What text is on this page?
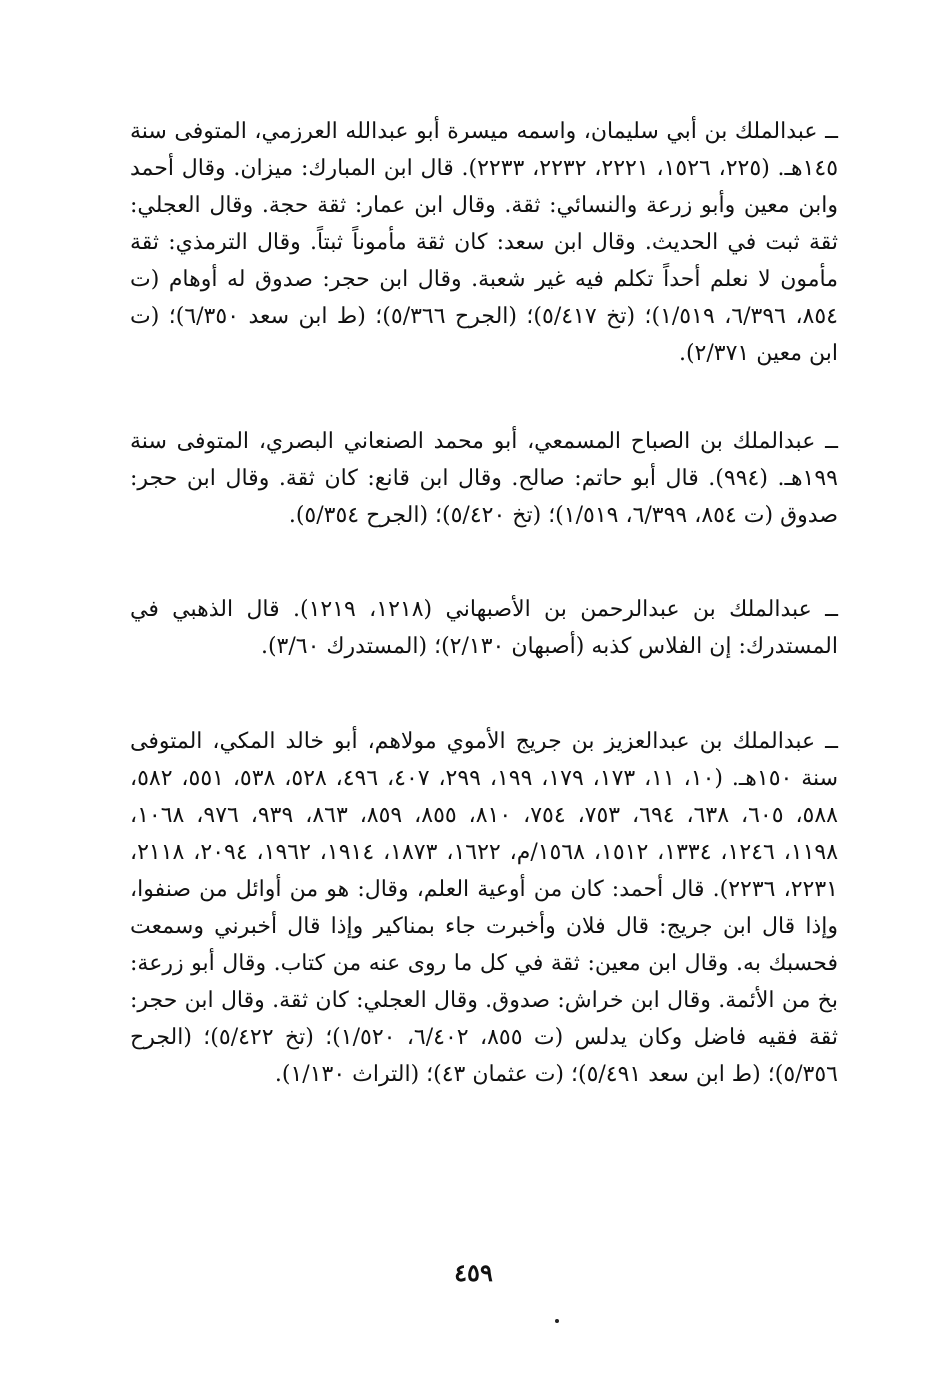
ــ عبدالملك بن أبي سليمان، واسمه ميسرة أبو عبدالله العرزمي، المتوفى سنة ١٤٥هـ. (٢٢٥، ١٥٢٦، ٢٢٢١، ٢٢٣٢، ٢٢٣٣). قال ابن المبارك: ميزان. وقال أحمد وابن معين وأبو زرعة والنسائي: ثقة. وقال ابن عمار: ثقة حجة. وقال العجلي: ثقة ثبت في الحديث. وقال ابن سعد: كان ثقة مأموناً ثبتاً. وقال الترمذي: ثقة مأمون لا نعلم أحداً تكلم فيه غير شعبة. وقال ابن حجر: صدوق له أوهام (ت ٨٥٤، ٦/٣٩٦، ١/٥١٩)؛ (تخ ٥/٤١٧)؛ (الجرح ٥/٣٦٦)؛ (ط ابن سعد ٦/٣٥٠)؛ (ت ابن معين ٢/٣٧١).

ــ عبدالملك بن الصباح المسمعي، أبو محمد الصنعاني البصري، المتوفى سنة ١٩٩هـ. (٩٩٤). قال أبو حاتم: صالح. وقال ابن قانع: كان ثقة. وقال ابن حجر: صدوق (ت ٨٥٤، ٦/٣٩٩، ١/٥١٩)؛ (تخ ٥/٤٢٠)؛ (الجرح ٥/٣٥٤).

ــ عبدالملك بن عبدالرحمن بن الأصبهاني (١٢١٨، ١٢١٩). قال الذهبي في المستدرك: إن الفلاس كذبه (أصبهان ٢/١٣٠)؛ (المستدرك ٣/٦٠).

ــ عبدالملك بن عبدالعزيز بن جريج الأموي مولاهم، أبو خالد المكي، المتوفى سنة ١٥٠هـ. (١٠، ١١، ١٧٣، ١٧٩، ١٩٩، ٢٩٩، ٤٠٧، ٤٩٦، ٥٢٨، ٥٣٨، ٥٥١، ٥٨٢، ٥٨٨، ٦٠٥، ٦٣٨، ٦٩٤، ٧٥٣، ٧٥٤، ٨١٠، ٨٥٥، ٨٥٩، ٨٦٣، ٩٣٩، ٩٧٦، ١٠٦٨، ١١٩٨، ١٢٤٦، ١٣٣٤، ١٥١٢، ١٥٦٨/م، ١٦٢٢، ١٨٧٣، ١٩١٤، ١٩٦٢، ٢٠٩٤، ٢١١٨، ٢٢٣١، ٢٢٣٦). قال أحمد: كان من أوعية العلم، وقال: هو من أوائل من صنفوا، وإذا قال ابن جريج: قال فلان وأخبرت جاء بمناكير وإذا قال أخبرني وسمعت فحسبك به. وقال ابن معين: ثقة في كل ما روى عنه من كتاب. وقال أبو زرعة: بخ من الأئمة. وقال ابن خراش: صدوق. وقال العجلي: كان ثقة. وقال ابن حجر: ثقة فقيه فاضل وكان يدلس (ت ٨٥٥، ٦/٤٠٢، ١/٥٢٠)؛ (تخ ٥/٤٢٢)؛ (الجرح ٥/٣٥٦)؛ (ط ابن سعد ٥/٤٩١)؛ (ت عثمان ٤٣)؛ (التراث ١/١٣٠).

٤٥٩
